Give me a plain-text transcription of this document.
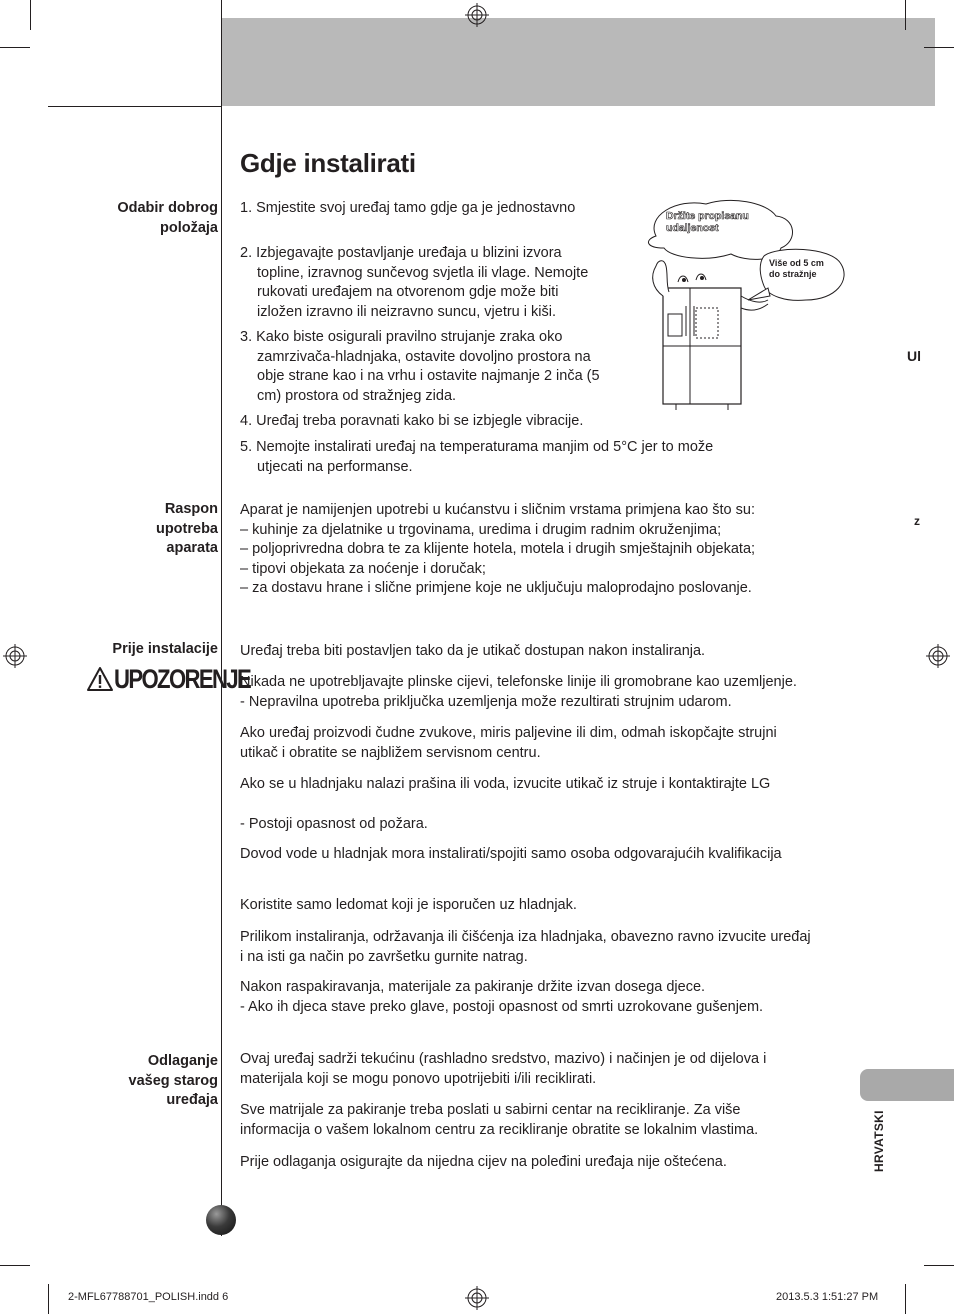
Gdje instalirati
Odabir dobrog
položaja
1. Smjestite svoj uređaj tamo gdje ga je jednostavno
2. Izbjegavajte postavljanje uređaja u blizini izvora
topline, izravnog sunčevog svjetla ili vlage. Nemojte
rukovati uređajem na otvorenom gdje može biti
izložen izravno ili neizravno suncu, vjetru i kiši.
3. Kako biste osigurali pravilno strujanje zraka oko
zamrzivača-hladnjaka, ostavite dovoljno prostora na
obje strane kao i na vrhu i ostavite najmanje 2 inča (5
cm) prostora od stražnjeg zida.
4. Uređaj treba poravnati kako bi se izbjegle vibracije.
5. Nemojte instalirati uređaj na temperaturama manjim od 5°C jer to može
utjecati na performanse.
Držite propisanu udaljenost
Više od 5 cm
do stražnje
Ul
z
Raspon
upotreba
aparata
Aparat je namijenjen upotrebi u kućanstvu i sličnim vrstama primjena kao što su:
– kuhinje za djelatnike u trgovinama, uredima i drugim radnim okruženjima;
– poljoprivredna dobra te za klijente hotela, motela i drugih smještajnih objekata;
– tipovi objekata za noćenje i doručak;
– za dostavu hrane i slične primjene koje ne uključuju maloprodajno poslovanje.
Prije instalacije
UPOZORENJE
Uređaj treba biti postavljen tako da je utikač dostupan nakon instaliranja.
Nikada ne upotrebljavajte plinske cijevi, telefonske linije ili gromobrane kao uzemljenje.
- Nepravilna upotreba priključka uzemljenja može rezultirati strujnim udarom.
Ako uređaj proizvodi čudne zvukove, miris paljevine ili dim, odmah iskopčajte strujni
utikač i obratite se najbližem servisnom centru.
Ako se u hladnjaku nalazi prašina ili voda, izvucite utikač iz struje i kontaktirajte LG
- Postoji opasnost od požara.
Dovod vode u hladnjak mora instalirati/spojiti samo osoba odgovarajućih kvalifikacija
Koristite samo ledomat koji je isporučen uz hladnjak.
Prilikom instaliranja, održavanja ili čišćenja iza hladnjaka, obavezno ravno izvucite uređaj
i na isti ga način po završetku gurnite natrag.
Nakon raspakiravanja, materijale za pakiranje držite izvan dosega djece.
- Ako ih djeca stave preko glave, postoji opasnost od smrti uzrokovane gušenjem.
Odlaganje
vašeg starog
uređaja
Ovaj uređaj sadrži tekućinu (rashladno sredstvo, mazivo) i načinjen je od dijelova i
materijala koji se mogu ponovo upotrijebiti i/ili reciklirati.
Sve matrijale za pakiranje treba poslati u sabirni centar na recikliranje. Za više
informacija o vašem lokalnom centru za recikliranje obratite se lokalnim vlastima.
Prije odlaganja osigurajte da nijedna cijev na poleđini uređaja nije oštećena.	HRVATSKI
2-MFL67788701_POLISH.indd 6	2013.5.3 1:51:27 PM
